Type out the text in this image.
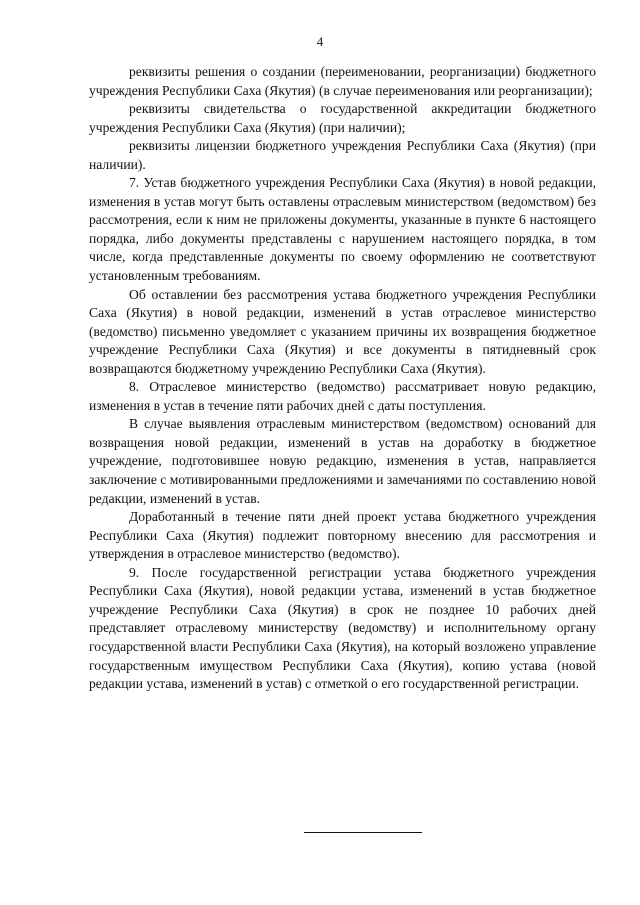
4

реквизиты решения о создании (переименовании, реорганизации) бюджетного учреждения Республики Саха (Якутия) (в случае переименования или реорганизации);

реквизиты свидетельства о государственной аккредитации бюджетного учреждения Республики Саха (Якутия) (при наличии);

реквизиты лицензии бюджетного учреждения Республики Саха (Якутия) (при наличии).

7. Устав бюджетного учреждения Республики Саха (Якутия) в новой редакции, изменения в устав могут быть оставлены отраслевым министерством (ведомством) без рассмотрения, если к ним не приложены документы, указанные в пункте 6 настоящего порядка, либо документы представлены с нарушением настоящего порядка, в том числе, когда представленные документы по своему оформлению не соответствуют установленным требованиям.

Об оставлении без рассмотрения устава бюджетного учреждения Республики Саха (Якутия) в новой редакции, изменений в устав отраслевое министерство (ведомство) письменно уведомляет с указанием причины их возвращения бюджетное учреждение Республики Саха (Якутия) и все документы в пятидневный срок возвращаются бюджетному учреждению Республики Саха (Якутия).

8. Отраслевое министерство (ведомство) рассматривает новую редакцию, изменения в устав в течение пяти рабочих дней с даты поступления.

В случае выявления отраслевым министерством (ведомством) оснований для возвращения новой редакции, изменений в устав на доработку в бюджетное учреждение, подготовившее новую редакцию, изменения в устав, направляется заключение с мотивированными предложениями и замечаниями по составлению новой редакции, изменений в устав.

Доработанный в течение пяти дней проект устава бюджетного учреждения Республики Саха (Якутия) подлежит повторному внесению для рассмотрения и утверждения в отраслевое министерство (ведомство).

9. После государственной регистрации устава бюджетного учреждения Республики Саха (Якутия), новой редакции устава, изменений в устав бюджетное учреждение Республики Саха (Якутия) в срок не позднее 10 рабочих дней представляет отраслевому министерству (ведомству) и исполнительному органу государственной власти Республики Саха (Якутия), на который возложено управление государственным имуществом Республики Саха (Якутия), копию устава (новой редакции устава, изменений в устав) с отметкой о его государственной регистрации.
